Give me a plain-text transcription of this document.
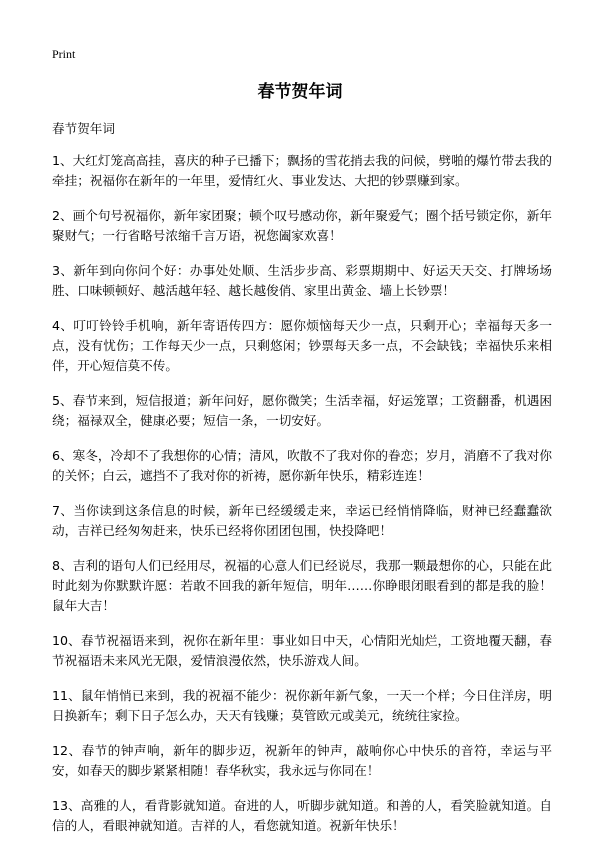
Print
春节贺年词

春节贺年词

1、大红灯笼高高挂，喜庆的种子已播下；飘扬的雪花捎去我的问候，劈啪的爆竹带去我的牵挂；祝福你在新年的一年里，爱情红火、事业发达、大把的钞票赚到家。

2、画个句号祝福你，新年家团聚；顿个叹号感动你，新年聚爱气；圈个括号锁定你，新年聚财气；一行省略号浓缩千言万语，祝您阖家欢喜！

3、新年到向你问个好：办事处处顺、生活步步高、彩票期期中、好运天天交、打牌场场胜、口味顿顿好、越活越年轻、越长越俊俏、家里出黄金、墙上长钞票！

4、叮叮铃铃手机响，新年寄语传四方：愿你烦恼每天少一点，只剩开心；幸福每天多一点，没有忧伤；工作每天少一点，只剩悠闲；钞票每天多一点，不会缺钱；幸福快乐来相伴，开心短信莫不传。

5、春节来到，短信报道；新年问好，愿你微笑；生活幸福，好运笼罩；工资翻番，机遇困绕；福禄双全，健康必要；短信一条，一切安好。

6、寒冬，冷却不了我想你的心情；清风，吹散不了我对你的眷恋；岁月，消磨不了我对你的关怀；白云，遮挡不了我对你的祈祷，愿你新年快乐，精彩连连！

7、当你读到这条信息的时候，新年已经缓缓走来，幸运已经悄悄降临，财神已经蠢蠢欲动，吉祥已经匆匆赶来，快乐已经将你团团包围，快投降吧！

8、吉利的语句人们已经用尽，祝福的心意人们已经说尽，我那一颗最想你的心，只能在此时此刻为你默默许愿：若敢不回我的新年短信，明年……你睁眼闭眼看到的都是我的脸！鼠年大吉！

10、春节祝福语来到，祝你在新年里：事业如日中天，心情阳光灿烂，工资地覆天翻，春节祝福语未来风光无限，爱情浪漫依然，快乐游戏人间。

11、鼠年悄悄已来到，我的祝福不能少：祝你新年新气象，一天一个样；今日住洋房，明日换新车；剩下日子怎么办，天天有钱赚；莫管欧元或美元，统统往家捡。

12、春节的钟声响，新年的脚步迈，祝新年的钟声，敲响你心中快乐的音符，幸运与平安，如春天的脚步紧紧相随！春华秋实，我永远与你同在！

13、高雅的人，看背影就知道。奋进的人，听脚步就知道。和善的人，看笑脸就知道。自信的人，看眼神就知道。吉祥的人，看您就知道。祝新年快乐！
